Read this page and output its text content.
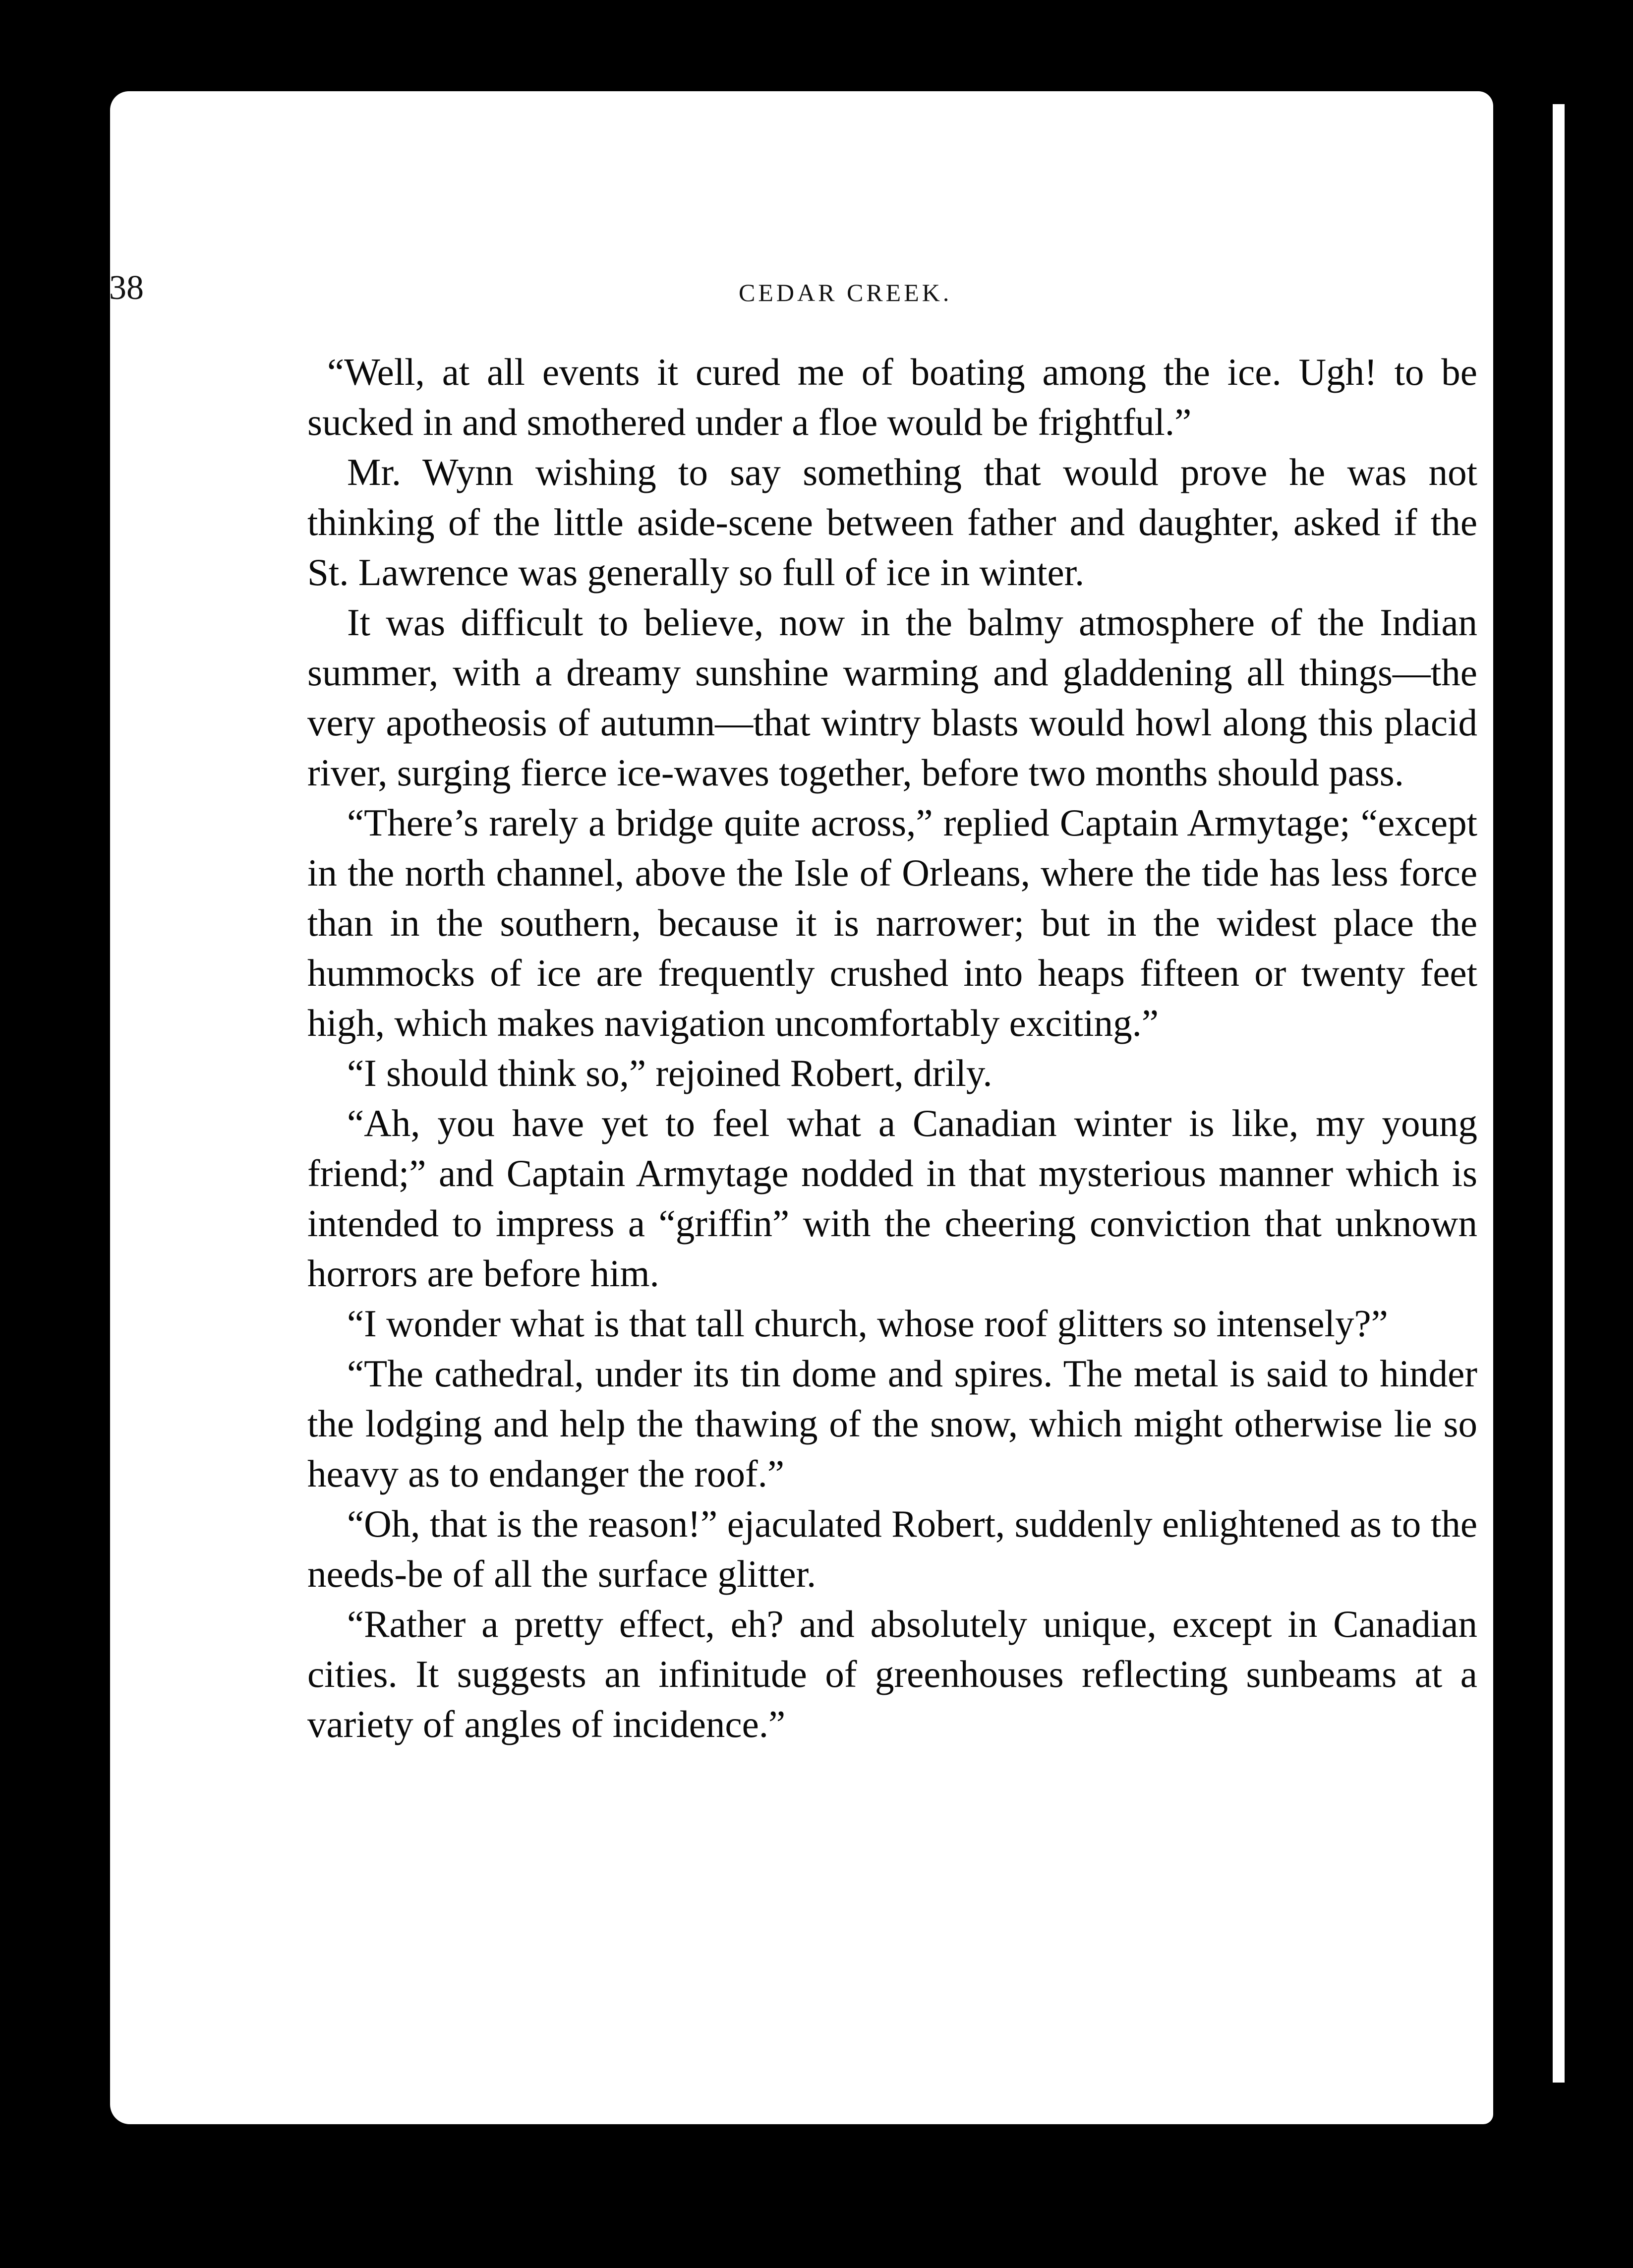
38	CEDAR CREEK.

“Well, at all events it cured me of boating among the ice. Ugh! to be sucked in and smothered under a floe would be frightful.”

Mr. Wynn wishing to say something that would prove he was not thinking of the little aside-scene between father and daughter, asked if the St. Lawrence was generally so full of ice in winter.

It was difficult to believe, now in the balmy atmosphere of the Indian summer, with a dreamy sunshine warming and gladdening all things—the very apotheosis of autumn—that wintry blasts would howl along this placid river, surging fierce ice-waves together, before two months should pass.

“There’s rarely a bridge quite across,” replied Captain Armytage; “except in the north channel, above the Isle of Orleans, where the tide has less force than in the southern, because it is narrower; but in the widest place the hummocks of ice are frequently crushed into heaps fifteen or twenty feet high, which makes navigation uncomfortably exciting.”

“I should think so,” rejoined Robert, drily.

“Ah, you have yet to feel what a Canadian winter is like, my young friend;” and Captain Armytage nodded in that mysterious manner which is intended to impress a “griffin” with the cheering conviction that unknown horrors are before him.

“I wonder what is that tall church, whose roof glitters so intensely?”

“The cathedral, under its tin dome and spires. The metal is said to hinder the lodging and help the thawing of the snow, which might otherwise lie so heavy as to endanger the roof.”

“Oh, that is the reason!” ejaculated Robert, suddenly enlightened as to the needs-be of all the surface glitter.

“Rather a pretty effect, eh? and absolutely unique, except in Canadian cities. It suggests an infinitude of greenhouses reflecting sunbeams at a variety of angles of incidence.”
